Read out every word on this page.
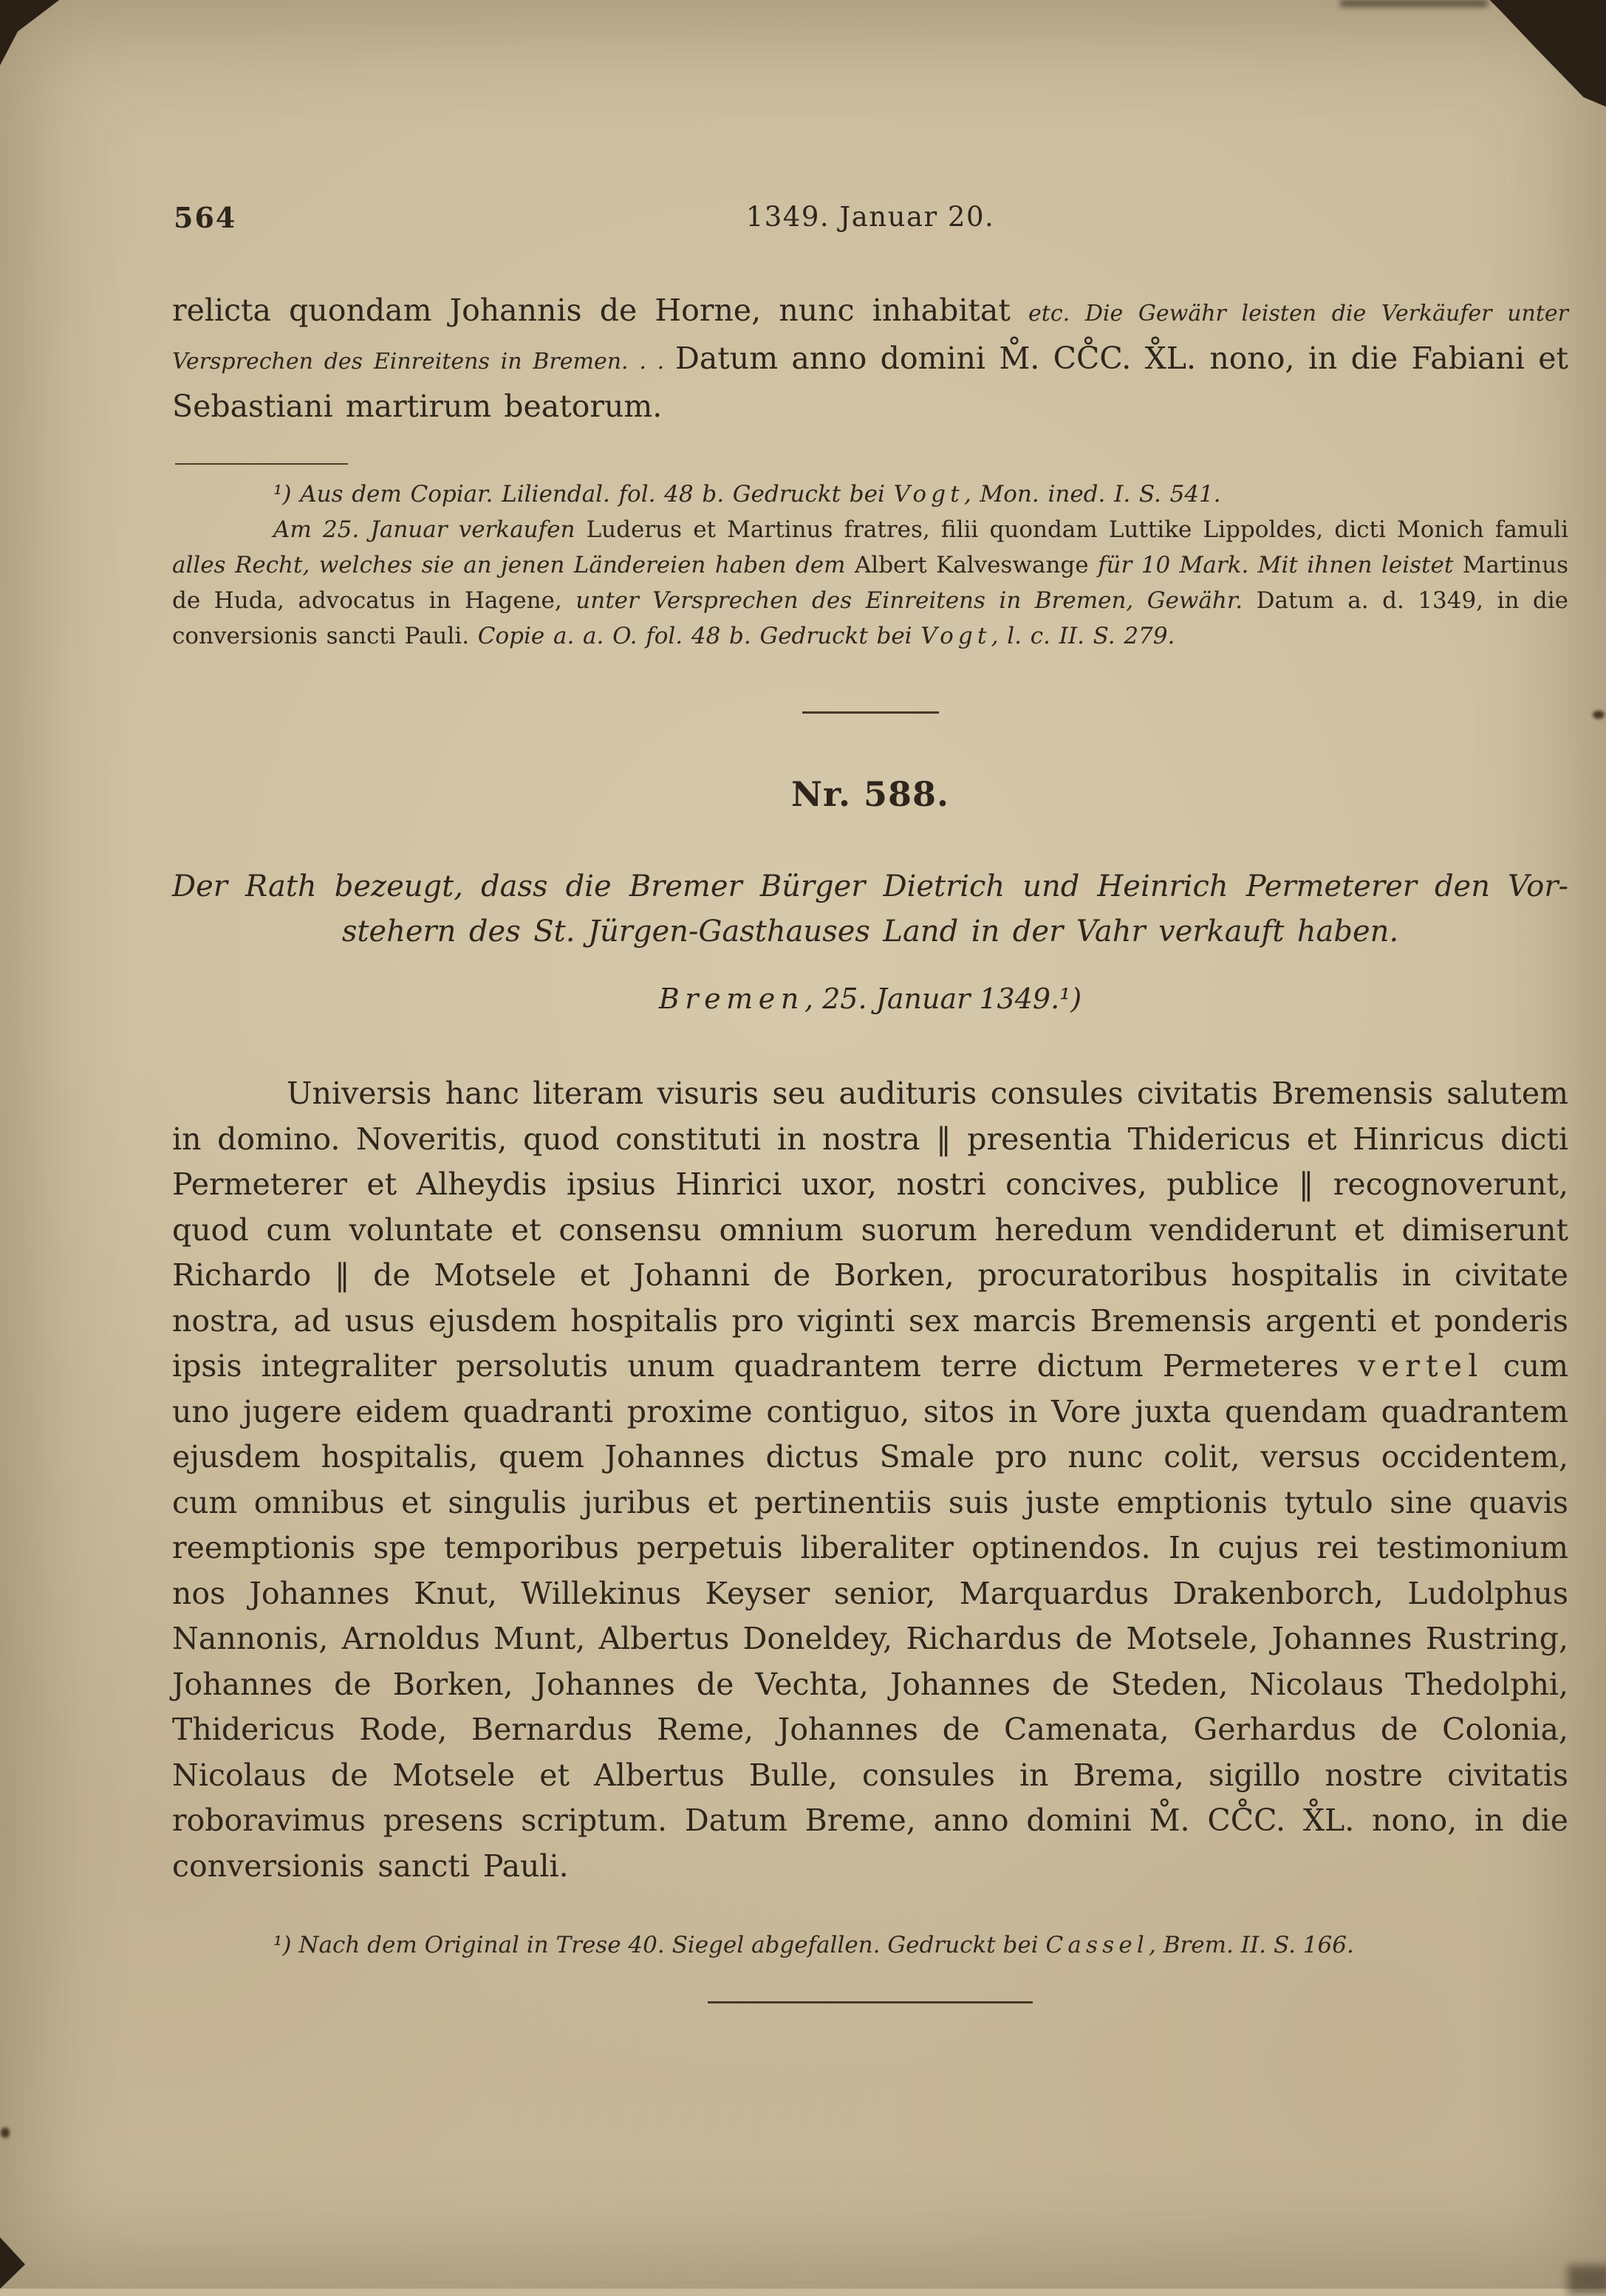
564	1349. Januar 20.

relicta quondam Johannis de Horne, nunc inhabitat etc. Die Gewähr leisten die Verkäufer unter Versprechen des Einreitens in Bremen. . . Datum anno domini M̊. CC̊C. X̊L. nono, in die Fabiani et Sebastiani martirum beatorum.

¹) Aus dem Copiar. Liliendal. fol. 48 b. Gedruckt bei Vogt, Mon. ined. I. S. 541.

Am 25. Januar verkaufen Luderus et Martinus fratres, filii quondam Luttike Lippoldes, dicti Monich famuli alles Recht, welches sie an jenen Ländereien haben dem Albert Kalveswange für 10 Mark. Mit ihnen leistet Martinus de Huda, advocatus in Hagene, unter Versprechen des Einreitens in Bremen, Gewähr. Datum a. d. 1349, in die conversionis sancti Pauli. Copie a. a. O. fol. 48 b. Gedruckt bei Vogt, l. c. II. S. 279.

Nr. 588.
Der Rath bezeugt, dass die Bremer Bürger Dietrich und Heinrich Permeterer den Vor-
stehern des St. Jürgen-Gasthauses Land in der Vahr verkauft haben.
Bremen, 25. Januar 1349.¹)

Universis hanc literam visuris seu audituris consules civitatis Bremensis salutem in domino. Noveritis, quod constituti in nostra ‖ presentia Thidericus et Hinricus dicti Permeterer et Alheydis ipsius Hinrici uxor, nostri concives, publice ‖ recognoverunt, quod cum voluntate et consensu omnium suorum heredum vendiderunt et dimiserunt Richardo ‖ de Motsele et Johanni de Borken, procuratoribus hospitalis in civitate nostra, ad usus ejusdem hospitalis pro viginti sex marcis Bremensis argenti et ponderis ipsis integraliter persolutis unum quadrantem terre dictum Permeteres vertel cum uno jugere eidem quadranti proxime contiguo, sitos in Vore juxta quendam quadrantem ejusdem hospitalis, quem Johannes dictus Smale pro nunc colit, versus occidentem, cum omnibus et singulis juribus et pertinentiis suis juste emptionis tytulo sine quavis reemptionis spe temporibus perpetuis liberaliter optinendos. In cujus rei testimonium nos Johannes Knut, Willekinus Keyser senior, Marquardus Drakenborch, Ludolphus Nannonis, Arnoldus Munt, Albertus Doneldey, Richardus de Motsele, Johannes Rustring, Johannes de Borken, Johannes de Vechta, Johannes de Steden, Nicolaus Thedolphi, Thidericus Rode, Bernardus Reme, Johannes de Camenata, Gerhardus de Colonia, Nicolaus de Motsele et Albertus Bulle, consules in Brema, sigillo nostre civitatis roboravimus presens scriptum. Datum Breme, anno domini M̊. CC̊C. X̊L. nono, in die conversionis sancti Pauli.

¹) Nach dem Original in Trese 40. Siegel abgefallen. Gedruckt bei Cassel, Brem. II. S. 166.
